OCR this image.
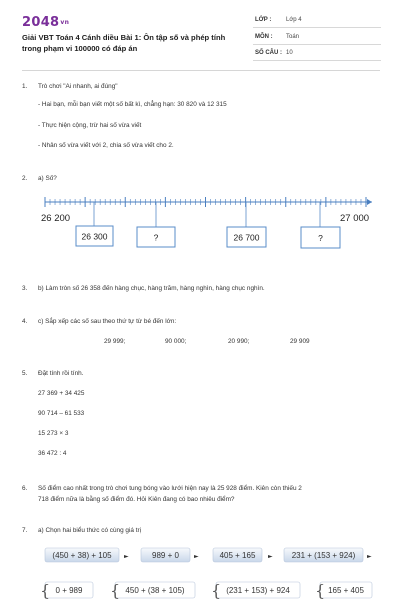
2048vn
Giải VBT Toán 4 Cánh diều Bài 1: Ôn tập số và phép tính trong phạm vi 100000 có đáp án
LỚP : Lớp 4
MÔN : Toán
SỐ CÂU : 10
1. Trò chơi "Ai nhanh, ai đúng"
- Hai bạn, mỗi bạn viết một số bất kì, chẳng hạn: 30 820 và 12 315
- Thực hiện cộng, trừ hai số vừa viết
- Nhân số vừa viết với 2, chia số vừa viết cho 2.
2. a) Số?
26 200	27 000
26 300	?	26 700	?
(450 + 38) + 105 ►	989 + 0	►	405 + 165 ► 231 + (153 + 924) ►
0 + 989	450 + (38 + 105)	(231 + 153) + 924	165 + 405
{	{	{	{
3. b) Làm tròn số 26 358 đến hàng chục, hàng trăm, hàng nghìn, hàng chục nghìn.
4. c) Sắp xếp các số sau theo thứ tự từ bé đến lớn:
29 999;	90 000;	20 990;	29 909
5. Đặt tính rồi tính.
27 369 + 34 425
90 714 – 61 533
15 273 × 3
36 472 : 4
6. Số điểm cao nhất trong trò chơi tung bóng vào lưới hiện nay là 25 928 điểm. Kiên còn thiếu 2
718 điểm nữa là bằng số điểm đó. Hỏi Kiên đang có bao nhiêu điểm?
7. a) Chọn hai biểu thức có cùng giá trị
